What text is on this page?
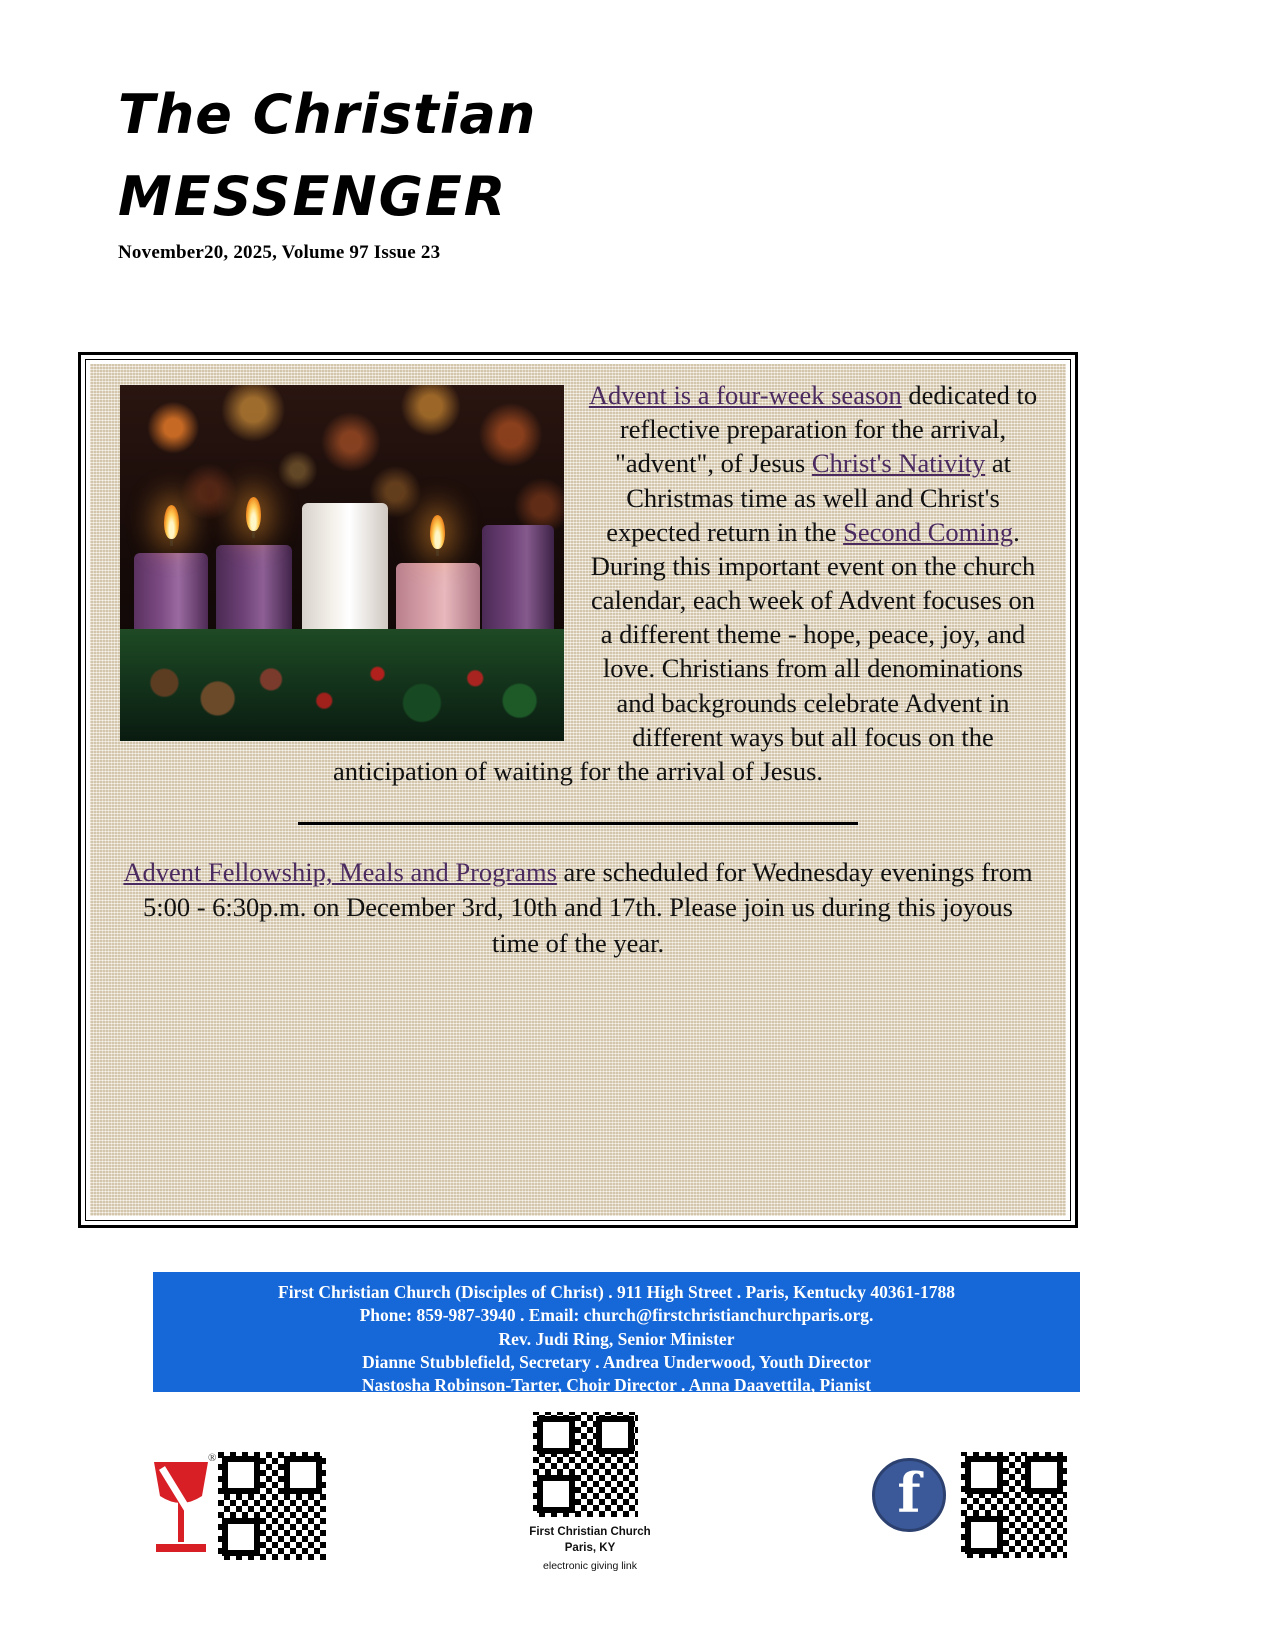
The Christian
MESSENGER
November20, 2025, Volume 97 Issue 23

Advent is a four-week season dedicated to reflective preparation for the arrival, "advent", of Jesus Christ's Nativity at Christmas time as well and Christ's expected return in the Second Coming. During this important event on the church calendar, each week of Advent focuses on a different theme - hope, peace, joy, and love. Christians from all denominations and backgrounds celebrate Advent in different ways but all focus on the anticipation of waiting for the arrival of Jesus.

Advent Fellowship, Meals and Programs are scheduled for Wednesday evenings from 5:00 - 6:30p.m. on December 3rd, 10th and 17th. Please join us during this joyous time of the year.

First Christian Church (Disciples of Christ) . 911 High Street . Paris, Kentucky 40361-1788
Phone: 859-987-3940 . Email: church@firstchristianchurchparis.org.
Rev. Judi Ring, Senior Minister
Dianne Stubblefield, Secretary . Andrea Underwood, Youth Director
Nastosha Robinson-Tarter, Choir Director . Anna Daavettila, Pianist
®
First Christian Church
Paris, KY
electronic giving link
f
